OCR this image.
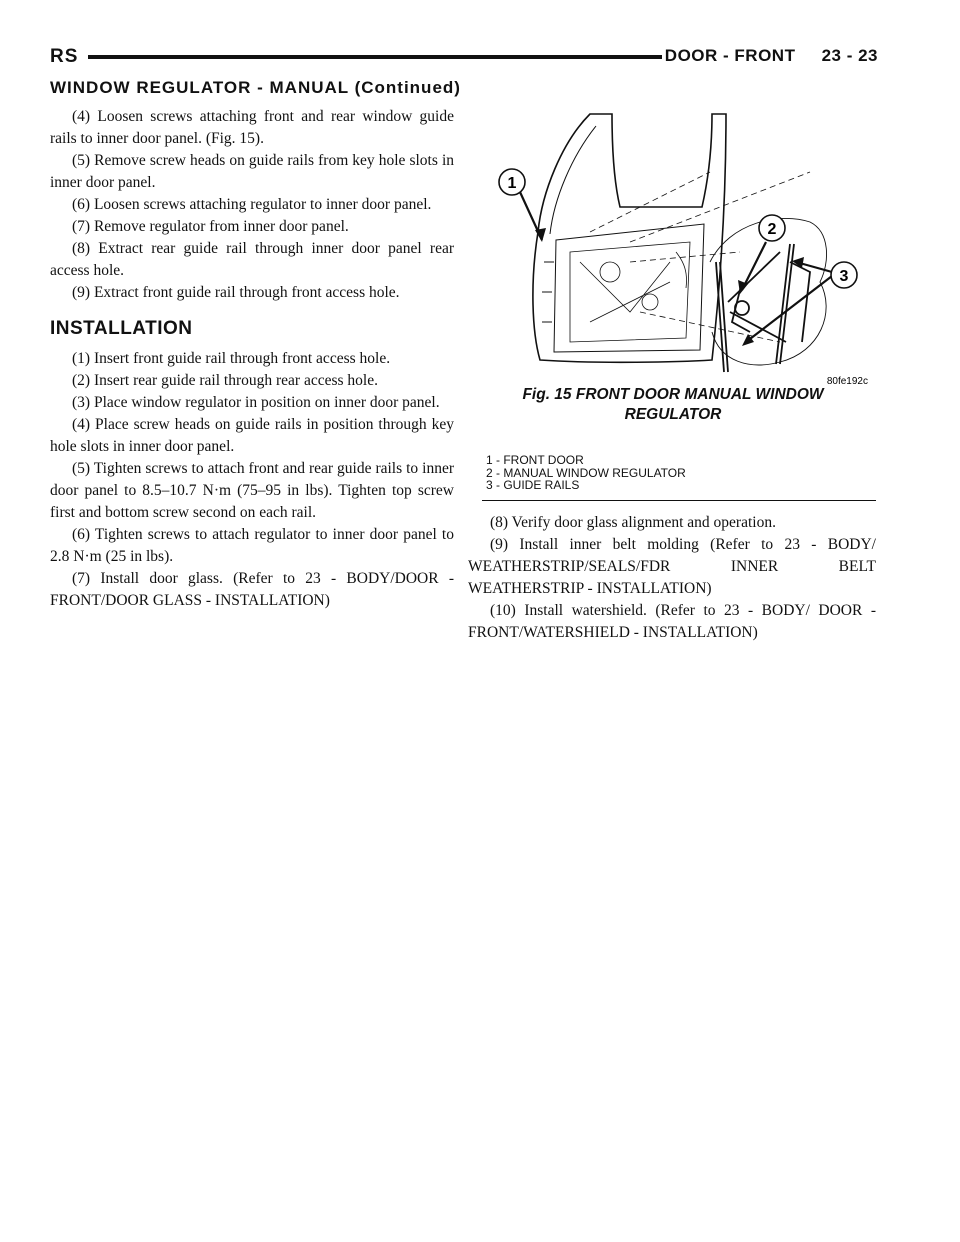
RS	DOOR - FRONT     23 - 23
WINDOW REGULATOR - MANUAL (Continued)

(4) Loosen screws attaching front and rear window guide rails to inner door panel. (Fig. 15).

(5) Remove screw heads on guide rails from key hole slots in inner door panel.

(6) Loosen screws attaching regulator to inner door panel.

(7) Remove regulator from inner door panel.

(8) Extract rear guide rail through inner door panel rear access hole.

(9) Extract front guide rail through front access hole.

INSTALLATION

(1) Insert front guide rail through front access hole.

(2) Insert rear guide rail through rear access hole.

(3) Place window regulator in position on inner door panel.

(4) Place screw heads on guide rails in position through key hole slots in inner door panel.

(5) Tighten screws to attach front and rear guide rails to inner door panel to 8.5–10.7 N·m (75–95 in lbs). Tighten top screw first and bottom screw second on each rail.

(6) Tighten screws to attach regulator to inner door panel to 2.8 N·m (25 in lbs).

(7) Install door glass. (Refer to 23 - BODY/DOOR - FRONT/DOOR GLASS - INSTALLATION)

1
2
3
80fe192c
Fig. 15 FRONT DOOR MANUAL WINDOW REGULATOR
1 - FRONT DOOR
2 - MANUAL WINDOW REGULATOR
3 - GUIDE RAILS

(8) Verify door glass alignment and operation.

(9) Install inner belt molding (Refer to 23 - BODY/ WEATHERSTRIP/SEALS/FDR INNER BELT WEATHERSTRIP - INSTALLATION)

(10) Install watershield. (Refer to 23 - BODY/ DOOR - FRONT/WATERSHIELD - INSTALLATION)
